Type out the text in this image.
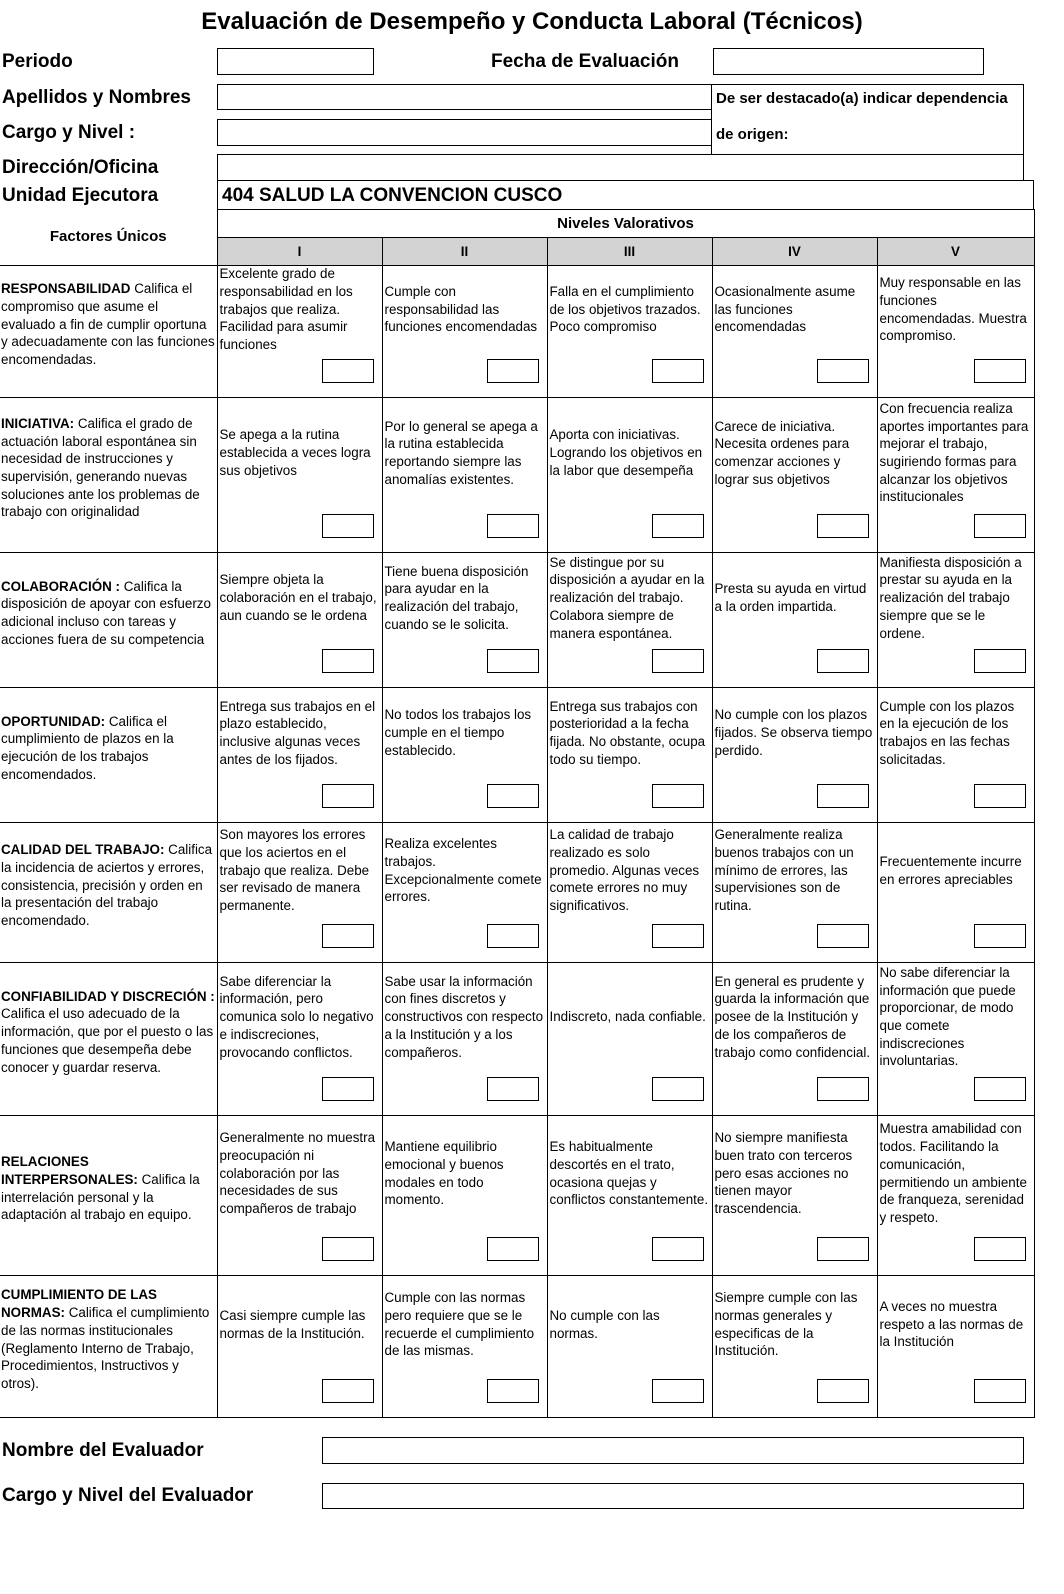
Evaluación de Desempeño y Conducta Laboral (Técnicos)
Periodo	Fecha de Evaluación
Apellidos y Nombres
Cargo y Nivel :
De ser destacado(a) indicar dependencia
de origen:
Dirección/Oficina
Unidad Ejecutora	404 SALUD LA CONVENCION CUSCO
Factores Únicos	Niveles Valorativos				
	I	II	III	IV	V

RESPONSABILIDAD Califica el compromiso que asume el evaluado a fin de cumplir oportuna y adecuadamente con las funciones encomendadas.	Excelente grado de responsabilidad en los trabajos que realiza. Facilidad para asumir funciones	Cumple con responsabilidad las funciones encomendadas	Falla en el cumplimiento de los objetivos trazados. Poco compromiso	Ocasionalmente asume las funciones encomendadas	Muy responsable en las funciones encomendadas. Muestra compromiso.

INICIATIVA: Califica el grado de actuación laboral espontánea sin necesidad de instrucciones y supervisión, generando nuevas soluciones ante los problemas de trabajo con originalidad	Se apega a la rutina establecida a veces logra sus objetivos	Por lo general se apega a la rutina establecida reportando siempre las anomalías existentes.	Aporta con iniciativas. Logrando los objetivos en la labor que desempeña	Carece de iniciativa. Necesita ordenes para comenzar acciones y lograr sus objetivos	Con frecuencia realiza aportes importantes para mejorar el trabajo, sugiriendo formas para alcanzar los objetivos institucionales

COLABORACIÓN : Califica la disposición de apoyar con esfuerzo adicional incluso con tareas y acciones fuera de su competencia	Siempre objeta la colaboración en el trabajo, aun cuando se le ordena	Tiene buena disposición para ayudar en la realización del trabajo, cuando se le solicita.	Se distingue por su disposición a ayudar en la realización del trabajo. Colabora siempre de manera espontánea.	Presta su ayuda en virtud a la orden impartida.	Manifiesta disposición a prestar su ayuda en la realización del trabajo siempre que se le ordene.

OPORTUNIDAD: Califica el cumplimiento de plazos en la ejecución de los trabajos encomendados.	Entrega sus trabajos en el plazo establecido, inclusive algunas veces antes de los fijados.	No todos los trabajos los cumple en el tiempo establecido.	Entrega sus trabajos con posterioridad a la fecha fijada. No obstante, ocupa todo su tiempo.	No cumple con los plazos fijados. Se observa tiempo perdido.	Cumple con los plazos en la ejecución de los trabajos en las fechas solicitadas.

CALIDAD DEL TRABAJO: Califica la incidencia de aciertos y errores, consistencia, precisión y orden en la presentación del trabajo encomendado.	Son mayores los errores que los aciertos en el trabajo que realiza. Debe ser revisado de manera permanente.	Realiza excelentes trabajos. Excepcionalmente comete errores.	La calidad de trabajo realizado es solo promedio. Algunas veces comete errores no muy significativos.	Generalmente realiza buenos trabajos con un mínimo de errores, las supervisiones son de rutina.	Frecuentemente incurre en errores apreciables

CONFIABILIDAD Y DISCRECIÓN : Califica el uso adecuado de la información, que por el puesto o las funciones que desempeña debe conocer y guardar reserva.	Sabe diferenciar la información, pero comunica solo lo negativo e indiscreciones, provocando conflictos.	Sabe usar la información con fines discretos y constructivos con respecto a la Institución y a los compañeros.	Indiscreto, nada confiable.	En general es prudente y guarda la información que posee de la Institución y de los compañeros de trabajo como confidencial.	No sabe diferenciar la información que puede proporcionar, de modo que comete indiscreciones involuntarias.

RELACIONES INTERPERSONALES: Califica la interrelación personal y la adaptación al trabajo en equipo.	Generalmente no muestra preocupación ni colaboración por las necesidades de sus compañeros de trabajo	Mantiene equilibrio emocional y buenos modales en todo momento.	Es habitualmente descortés en el trato, ocasiona quejas y conflictos constantemente.	No siempre manifiesta buen trato con terceros pero esas acciones no tienen mayor trascendencia.	Muestra amabilidad con todos. Facilitando la comunicación, permitiendo un ambiente de franqueza, serenidad y respeto.

CUMPLIMIENTO DE LAS NORMAS: Califica el cumplimiento de las normas institucionales (Reglamento Interno de Trabajo, Procedimientos, Instructivos y otros).	Casi siempre cumple las normas de la Institución.	Cumple con las normas pero requiere que se le recuerde el cumplimiento de las mismas.	No cumple con las normas.	Siempre cumple con las normas generales y especificas de la Institución.	A veces no muestra respeto a las normas de la Institución
Nombre del Evaluador
Cargo y Nivel del Evaluador
